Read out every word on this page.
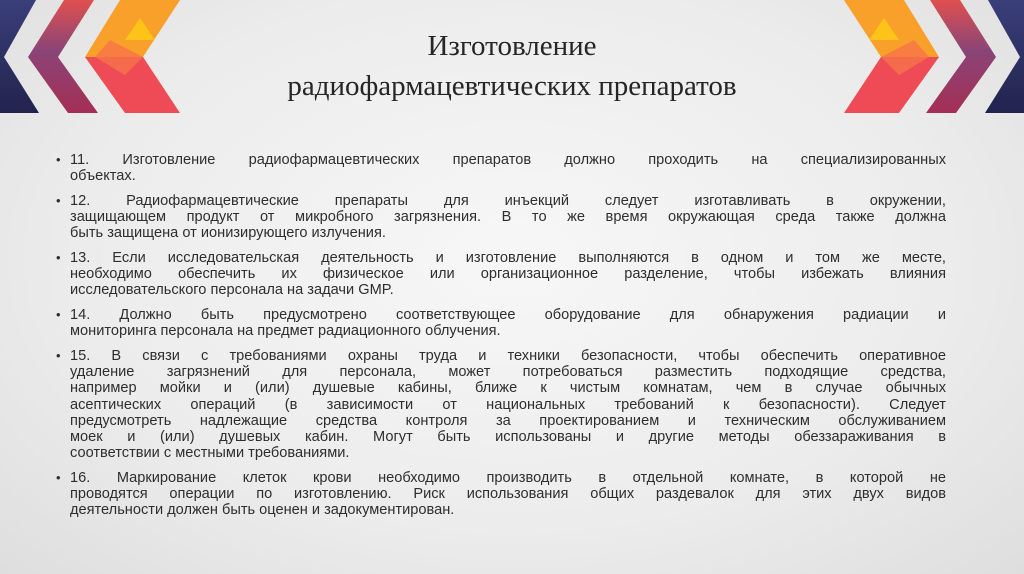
Изготовление
радиофармацевтических препаратов
• 11. Изготовление радиофармацевтических препаратов должно проходить на специализированных
объектах.
• 12. Радиофармацевтические препараты для инъекций следует изготавливать в окружении,
защищающем продукт от микробного загрязнения. В то же время окружающая среда также должна
быть защищена от ионизирующего излучения.
• 13. Если исследовательская деятельность и изготовление выполняются в одном и том же месте,
необходимо обеспечить их физическое или организационное разделение, чтобы избежать влияния
исследовательского персонала на задачи GMP.
• 14. Должно быть предусмотрено соответствующее оборудование для обнаружения радиации и
мониторинга персонала на предмет радиационного облучения.
• 15. В связи с требованиями охраны труда и техники безопасности, чтобы обеспечить оперативное
удаление загрязнений для персонала, может потребоваться разместить подходящие средства,
например мойки и (или) душевые кабины, ближе к чистым комнатам, чем в случае обычных
асептических операций (в зависимости от национальных требований к безопасности). Следует
предусмотреть надлежащие средства контроля за проектированием и техническим обслуживанием
моек и (или) душевых кабин. Могут быть использованы и другие методы обеззараживания в
соответствии с местными требованиями.
• 16. Маркирование клеток крови необходимо производить в отдельной комнате, в которой не
проводятся операции по изготовлению. Риск использования общих раздевалок для этих двух видов
деятельности должен быть оценен и задокументирован.
